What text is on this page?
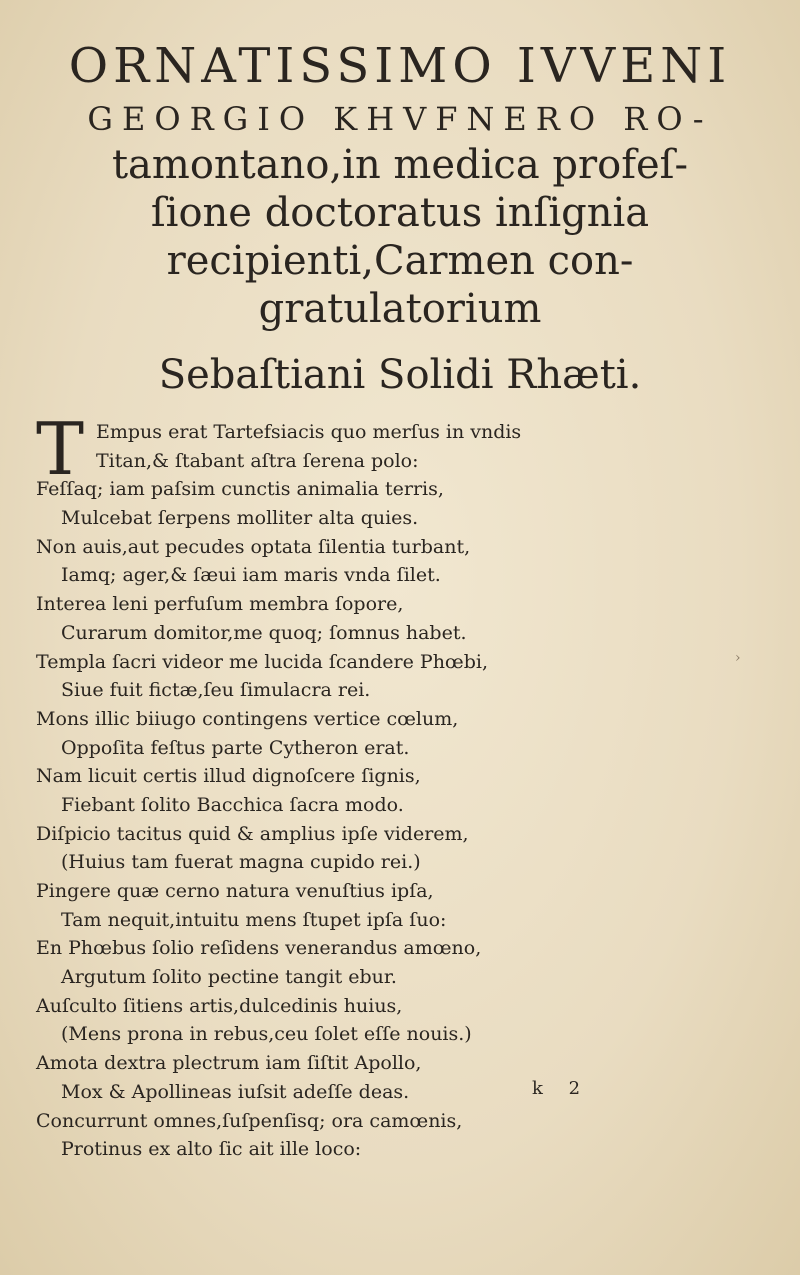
ORNATISSIMO IVVENI
GEORGIO KHVFNERO RO-
tamontano,in medica profeſ-
ſione doctoratus inſignia
recipienti,Carmen con-
gratulatorium
Sebaſtiani Solidi Rhæti.
T Empus erat Tartefsiacis quo merſus in vndis
Titan,& ſtabant aſtra ſerena polo:
Feſſaq; iam paſsim cunctis animalia terris,
Mulcebat ſerpens molliter alta quies.
Non auis,aut pecudes optata ſilentia turbant,
Iamq; ager,& ſæui iam maris vnda ſilet.
Interea leni perfuſum membra ſopore,
Curarum domitor,me quoq; ſomnus habet.
Templa ſacri videor me lucida ſcandere Phœbi,
Siue fuit fictæ,ſeu ſimulacra rei.
Mons illic biiugo contingens vertice cœlum,
Oppoſita feſtus parte Cytheron erat.
Nam licuit certis illud dignoſcere ſignis,
Fiebant ſolito Bacchica ſacra modo.
Diſpicio tacitus quid & amplius ipſe viderem,
(Huius tam fuerat magna cupido rei.)
Pingere quæ cerno natura venuſtius ipſa,
Tam nequit,intuitu mens ſtupet ipſa ſuo:
En Phœbus ſolio reſidens venerandus amœno,
Argutum ſolito pectine tangit ebur.
Auſculto ſitiens artis,dulcedinis huius,
(Mens prona in rebus,ceu ſolet eſſe nouis.)
Amota dextra plectrum iam ſiſtit Apollo,
Mox & Apollineas iuſsit adeſſe deas.
Concurrunt omnes,ſuſpenſisq; ora camœnis,
Protinus ex alto ſic ait ille loco:
›
k 2
